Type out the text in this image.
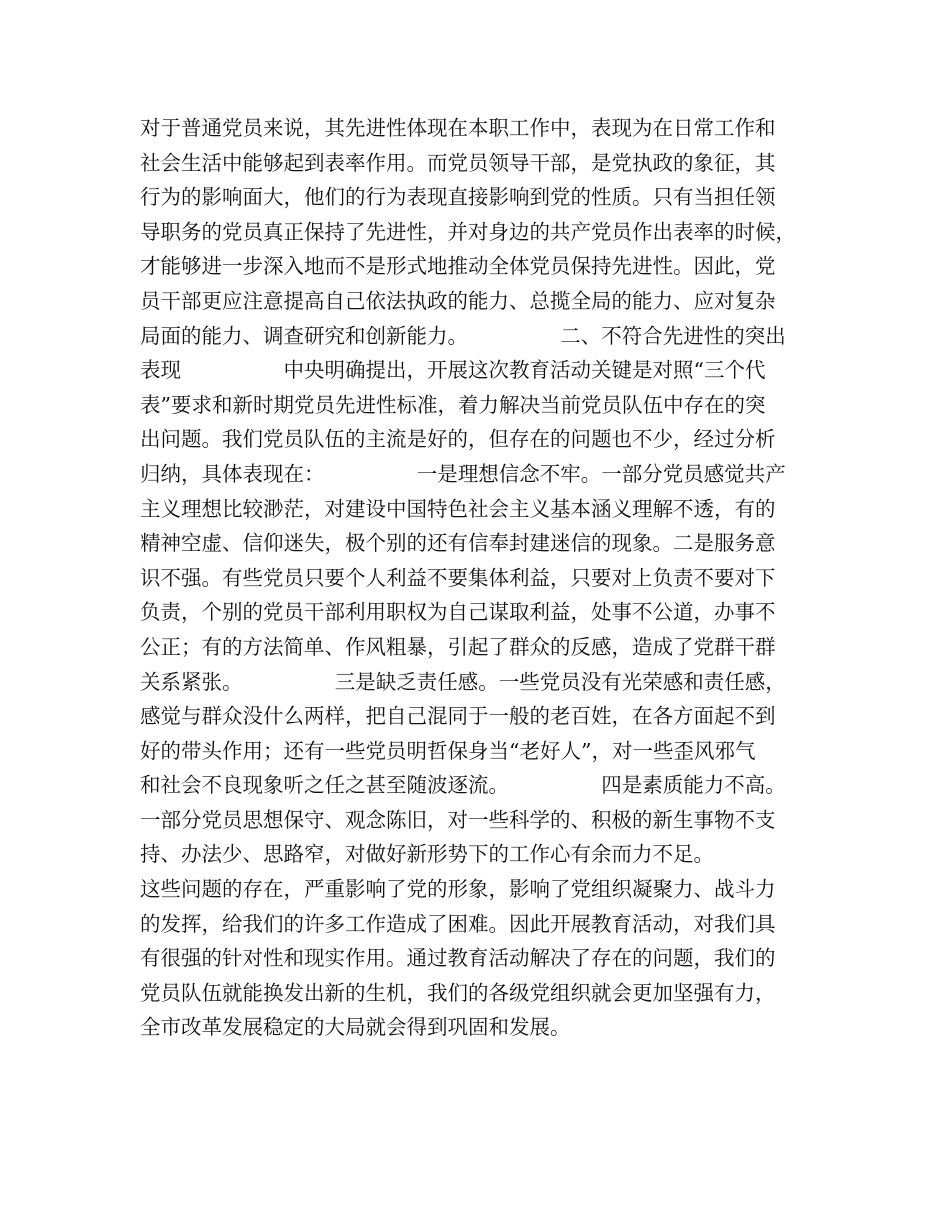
对于普通党员来说，其先进性体现在本职工作中，表现为在日常工作和
社会生活中能够起到表率作用。而党员领导干部，是党执政的象征，其
行为的影响面大，他们的行为表现直接影响到党的性质。只有当担任领
导职务的党员真正保持了先进性，并对身边的共产党员作出表率的时候，
才能够进一步深入地而不是形式地推动全体党员保持先进性。因此，党
员干部更应注意提高自己依法执政的能力、总揽全局的能力、应对复杂
局面的能力、调查研究和创新能力。　　　　　二、不符合先进性的突出
表现　　　　　中央明确提出，开展这次教育活动关键是对照“三个代
表”要求和新时期党员先进性标准，着力解决当前党员队伍中存在的突
出问题。我们党员队伍的主流是好的，但存在的问题也不少，经过分析
归纳，具体表现在：　　　　　一是理想信念不牢。一部分党员感觉共产
主义理想比较渺茫，对建设中国特色社会主义基本涵义理解不透，有的
精神空虚、信仰迷失，极个别的还有信奉封建迷信的现象。二是服务意
识不强。有些党员只要个人利益不要集体利益，只要对上负责不要对下
负责，个别的党员干部利用职权为自己谋取利益，处事不公道，办事不
公正；有的方法简单、作风粗暴，引起了群众的反感，造成了党群干群
关系紧张。　　　　　三是缺乏责任感。一些党员没有光荣感和责任感，
感觉与群众没什么两样，把自己混同于一般的老百姓，在各方面起不到
好的带头作用；还有一些党员明哲保身当“老好人”，对一些歪风邪气
和社会不良现象听之任之甚至随波逐流。　　　　　四是素质能力不高。
一部分党员思想保守、观念陈旧，对一些科学的、积极的新生事物不支
持、办法少、思路窄，对做好新形势下的工作心有余而力不足。
这些问题的存在，严重影响了党的形象，影响了党组织凝聚力、战斗力
的发挥，给我们的许多工作造成了困难。因此开展教育活动，对我们具
有很强的针对性和现实作用。通过教育活动解决了存在的问题，我们的
党员队伍就能换发出新的生机，我们的各级党组织就会更加坚强有力，
全市改革发展稳定的大局就会得到巩固和发展。
